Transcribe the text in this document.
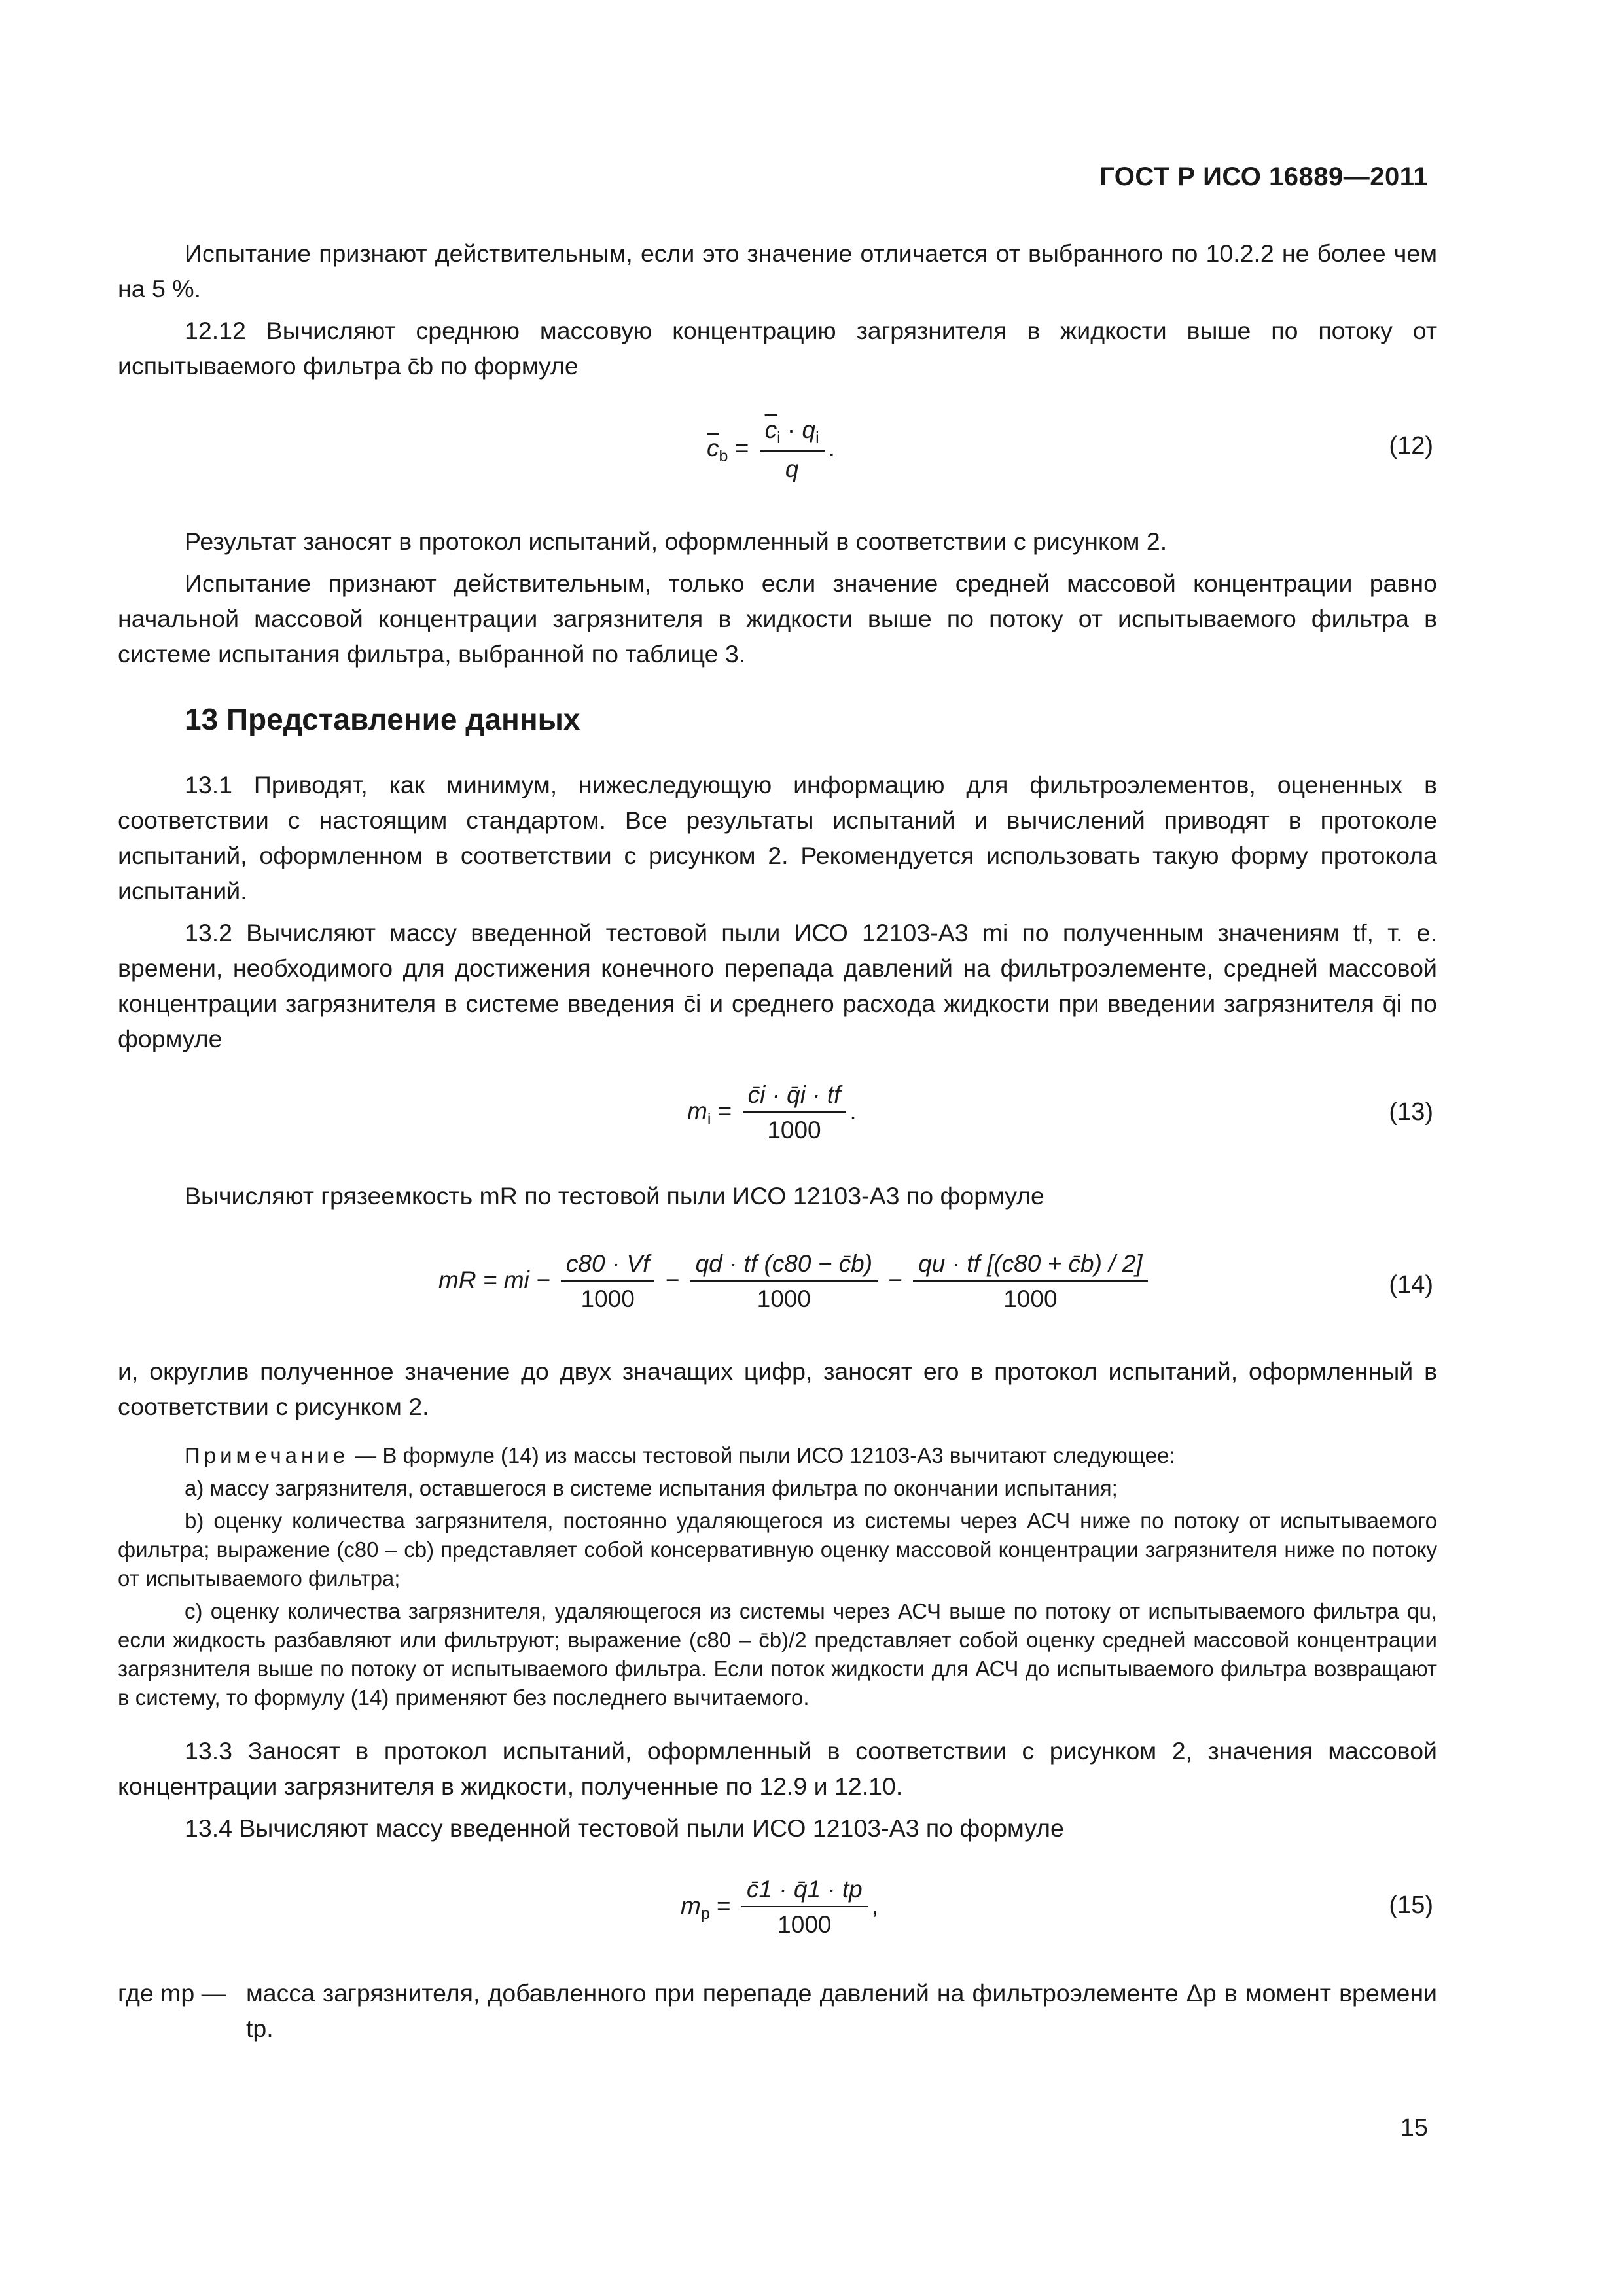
ГОСТ Р ИСО 16889—2011

Испытание признают действительным, если это значение отличается от выбранного по 10.2.2 не более чем на 5 %.

12.12 Вычисляют среднюю массовую концентрацию загрязнителя в жидкости выше по потоку от испытываемого фильтра c̄b по формуле

$\overline{c}_b = \frac{\overline{c}_i \cdot q_i}{q}$ .	(12)

Результат заносят в протокол испытаний, оформленный в соответствии с рисунком 2.

Испытание признают действительным, только если значение средней массовой концентрации равно начальной массовой концентрации загрязнителя в жидкости выше по потоку от испытываемого фильтра в системе испытания фильтра, выбранной по таблице 3.

13 Представление данных

13.1 Приводят, как минимум, нижеследующую информацию для фильтроэлементов, оцененных в соответствии с настоящим стандартом. Все результаты испытаний и вычислений приводят в протоколе испытаний, оформленном в соответствии с рисунком 2. Рекомендуется использовать такую форму протокола испытаний.

13.2 Вычисляют массу введенной тестовой пыли ИСО 12103-А3 mi по полученным значениям tf, т. е. времени, необходимого для достижения конечного перепада давлений на фильтроэлементе, средней массовой концентрации загрязнителя в системе введения c̄i и среднего расхода жидкости при введении загрязнителя q̄i по формуле

$m_i = \frac{c̄i \cdot q̄i \cdot tf}{1000}$ .	(13)

Вычисляют грязеемкость mR по тестовой пыли ИСО 12103-А3 по формуле

mR = mi − $\frac{c80 \cdot Vf}{1000} - \frac{qd \cdot tf (c80 - c̄b)}{1000} - \frac{qu \cdot tf [(c80 + c̄b) / 2]}{1000}$	(14)

и, округлив полученное значение до двух значащих цифр, заносят его в протокол испытаний, оформленный в соответствии с рисунком 2.

Примечание — В формуле (14) из массы тестовой пыли ИСО 12103-А3 вычитают следующее:

a) массу загрязнителя, оставшегося в системе испытания фильтра по окончании испытания;

b) оценку количества загрязнителя, постоянно удаляющегося из системы через АСЧ ниже по потоку от испытываемого фильтра; выражение (c80 – cb) представляет собой консервативную оценку массовой концентрации загрязнителя ниже по потоку от испытываемого фильтра;

c) оценку количества загрязнителя, удаляющегося из системы через АСЧ выше по потоку от испытываемого фильтра qu, если жидкость разбавляют или фильтруют; выражение (c80 – c̄b)/2 представляет собой оценку средней массовой концентрации загрязнителя выше по потоку от испытываемого фильтра. Если поток жидкости для АСЧ до испытываемого фильтра возвращают в систему, то формулу (14) применяют без последнего вычитаемого.

13.3 Заносят в протокол испытаний, оформленный в соответствии с рисунком 2, значения массовой концентрации загрязнителя в жидкости, полученные по 12.9 и 12.10.

13.4 Вычисляют массу введенной тестовой пыли ИСО 12103-А3 по формуле

$m_p = \frac{c̄1 \cdot q̄1 \cdot tp}{1000}$ ,	(15)
где mp — масса загрязнителя, добавленного при перепаде давлений на фильтроэлементе Δp в момент времени tp.
15
